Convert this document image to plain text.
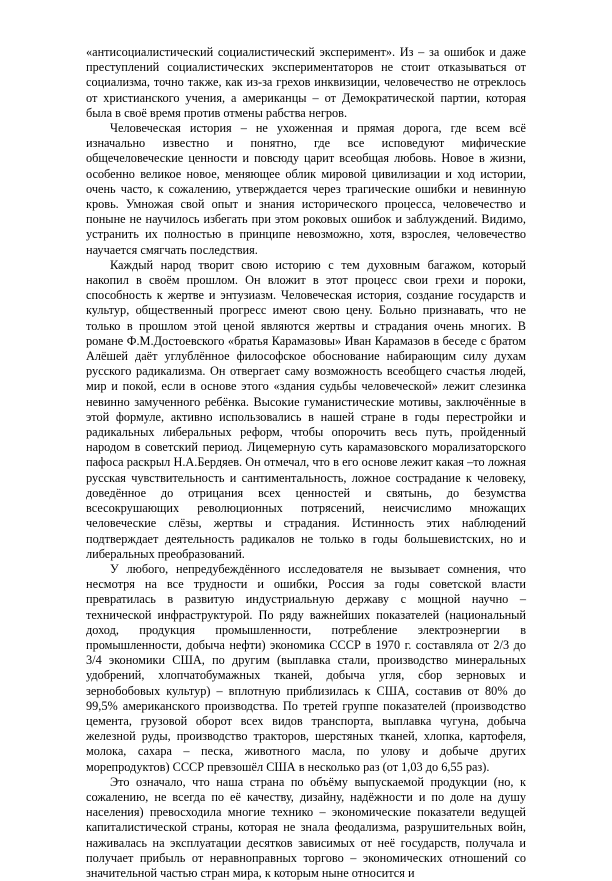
«антисоциалистический социалистический эксперимент». Из – за ошибок и даже преступлений социалистических экспериментаторов не стоит отказываться от социализма, точно также, как из-за грехов инквизиции, человечество не отреклось от христианского учения, а американцы – от Демократической партии, которая была в своё время против отмены рабства негров.

Человеческая история – не ухоженная и прямая дорога, где всем всё изначально известно и понятно, где все исповедуют мифические общечеловеческие ценности и повсюду царит всеобщая любовь. Новое в жизни, особенно великое новое, меняющее облик мировой цивилизации и ход истории, очень часто, к сожалению, утверждается через трагические ошибки и невинную кровь. Умножая свой опыт и знания исторического процесса, человечество и поныне не научилось избегать при этом роковых ошибок и заблуждений. Видимо, устранить их полностью в принципе невозможно, хотя, взрослея, человечество научается смягчать последствия.

Каждый народ творит свою историю с тем духовным багажом, который накопил в своём прошлом. Он вложит в этот процесс свои грехи и пороки, способность к жертве и энтузиазм. Человеческая история, создание государств и культур, общественный прогресс имеют свою цену. Больно признавать, что не только в прошлом этой ценой являются жертвы и страдания очень многих. В романе Ф.М.Достоевского «братья Карамазовы» Иван Карамазов в беседе с братом Алёшей даёт углублённое философское обоснование набирающим силу духам русского радикализма. Он отвергает саму возможность всеобщего счастья людей, мир и покой, если в основе этого «здания судьбы человеческой» лежит слезинка невинно замученного ребёнка. Высокие гуманистические мотивы, заключённые в этой формуле, активно использовались в нашей стране в годы перестройки и радикальных либеральных реформ, чтобы опорочить весь путь, пройденный народом в советский период. Лицемерную суть карамазовского морализаторского пафоса раскрыл Н.А.Бердяев. Он отмечал, что в его основе лежит какая –то ложная русская чувствительность и сантиментальность, ложное сострадание к человеку, доведённое до отрицания всех ценностей и святынь, до безумства всесокрушающих революционных потрясений, неисчислимо множащих человеческие слёзы, жертвы и страдания. Истинность этих наблюдений подтверждает деятельность радикалов не только в годы большевистских, но и либеральных преобразований.

У любого, непредубеждённого исследователя не вызывает сомнения, что несмотря на все трудности и ошибки, Россия за годы советской власти превратилась в развитую индустриальную державу с мощной научно – технической инфраструктурой. По ряду важнейших показателей (национальный доход, продукция промышленности, потребление электроэнергии в промышленности, добыча нефти) экономика СССР в 1970 г. составляла от 2/3 до 3/4 экономики США, по другим (выплавка стали, производство минеральных удобрений, хлопчатобумажных тканей, добыча угля, сбор зерновых и зернобобовых культур) – вплотную приблизилась к США, составив от 80% до 99,5% американского производства. По третей группе показателей (производство цемента, грузовой оборот всех видов транспорта, выплавка чугуна, добыча железной руды, производство тракторов, шерстяных тканей, хлопка, картофеля, молока, сахара – песка, животного масла, по улову и добыче других морепродуктов) СССР превзошёл США в несколько раз (от 1,03 до 6,55 раз).

Это означало, что наша страна по объёму выпускаемой продукции (но, к сожалению, не всегда по её качеству, дизайну, надёжности и по доле на душу населения) превосходила многие технико – экономические показатели ведущей капиталистической страны, которая не знала феодализма, разрушительных войн, наживалась на эксплуатации десятков зависимых от неё государств, получала и получает прибыль от неравноправных торгово – экономических отношений со значительной частью стран мира, к которым ныне относится и
